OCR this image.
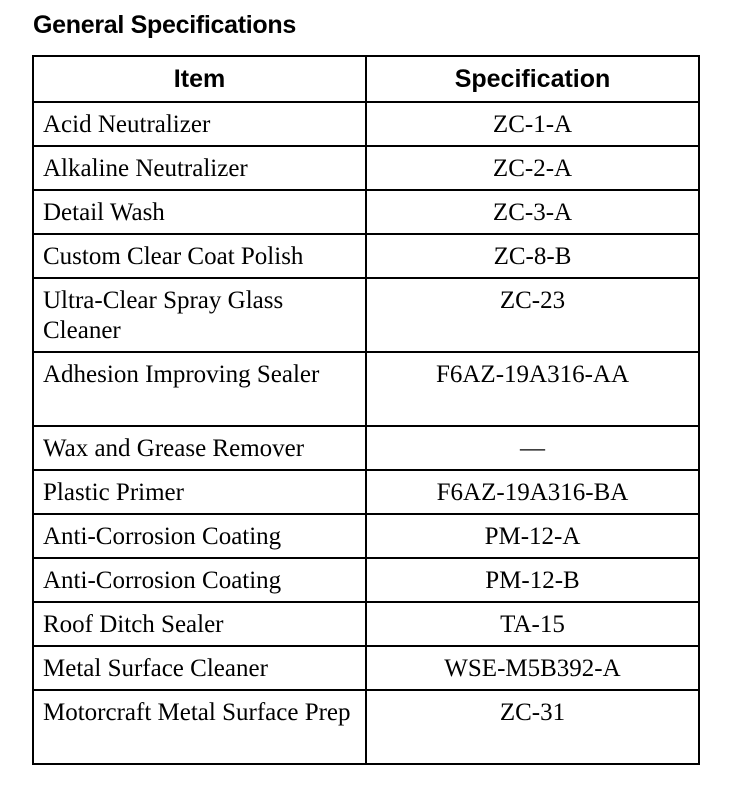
General Specifications
Item	Specification
Acid Neutralizer	ZC-1-A
Alkaline Neutralizer	ZC-2-A
Detail Wash	ZC-3-A
Custom Clear Coat Polish	ZC-8-B
Ultra-Clear Spray Glass Cleaner	ZC-23
Adhesion Improving Sealer	F6AZ-19A316-AA
Wax and Grease Remover	—
Plastic Primer	F6AZ-19A316-BA
Anti-Corrosion Coating	PM-12-A
Anti-Corrosion Coating	PM-12-B
Roof Ditch Sealer	TA-15
Metal Surface Cleaner	WSE-M5B392-A
Motorcraft Metal Surface Prep	ZC-31
